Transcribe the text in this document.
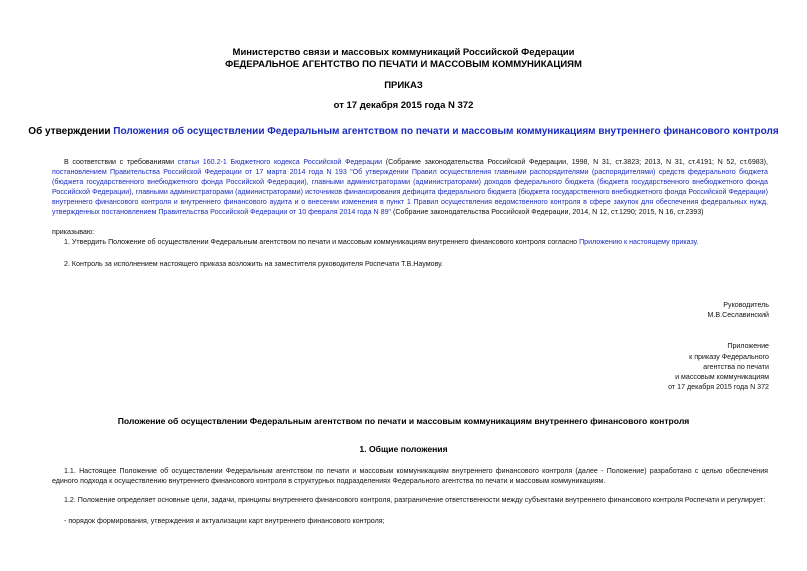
Министерство связи и массовых коммуникаций Российской Федерации
ФЕДЕРАЛЬНОЕ АГЕНТСТВО ПО ПЕЧАТИ И МАССОВЫМ КОММУНИКАЦИЯМ
ПРИКАЗ
от 17 декабря 2015 года N 372
Об утверждении Положения об осуществлении Федеральным агентством по печати и массовым коммуникациям внутреннего финансового контроля
В соответствии с требованиями статьи 160.2-1 Бюджетного кодекса Российской Федерации (Собрание законодательства Российской Федерации, 1998, N 31, ст.3823; 2013, N 31, ст.4191; N 52, ст.6983), постановлением Правительства Российской Федерации от 17 марта 2014 года N 193 "Об утверждении Правил осуществления главными распорядителями (распорядителями) средств федерального бюджета (бюджета государственного внебюджетного фонда Российской Федерации), главными администраторами (администраторами) доходов федерального бюджета (бюджета государственного внебюджетного фонда Российской Федерации), главными администраторами (администраторами) источников финансирования дефицита федерального бюджета (бюджета государственного внебюджетного фонда Российской Федерации) внутреннего финансового контроля и внутреннего финансового аудита и о внесении изменения в пункт 1 Правил осуществления ведомственного контроля в сфере закупок для обеспечения федеральных нужд, утвержденных постановлением Правительства Российской Федерации от 10 февраля 2014 года N 89" (Собрание законодательства Российской Федерации, 2014, N 12, ст.1290; 2015, N 16, ст.2393)
приказываю:
1. Утвердить Положение об осуществлении Федеральным агентством по печати и массовым коммуникациям внутреннего финансового контроля согласно Приложению к настоящему приказу.
2. Контроль за исполнением настоящего приказа возложить на заместителя руководителя Роспечати Т.В.Наумову.
Руководитель
М.В.Сеславинский
Приложение
к приказу Федерального
агентства по печати
и массовым коммуникациям
от 17 декабря 2015 года N 372
Положение об осуществлении Федеральным агентством по печати и массовым коммуникациям внутреннего финансового контроля
1. Общие положения
1.1. Настоящее Положение об осуществлении Федеральным агентством по печати и массовым коммуникациям внутреннего финансового контроля (далее - Положение) разработано с целью обеспечения единого подхода к осуществлению внутреннего финансового контроля в структурных подразделениях Федерального агентства по печати и массовым коммуникациям.
1.2. Положение определяет основные цели, задачи, принципы внутреннего финансового контроля, разграничение ответственности между субъектами внутреннего финансового контроля Роспечати и регулирует:
- порядок формирования, утверждения и актуализации карт внутреннего финансового контроля;
